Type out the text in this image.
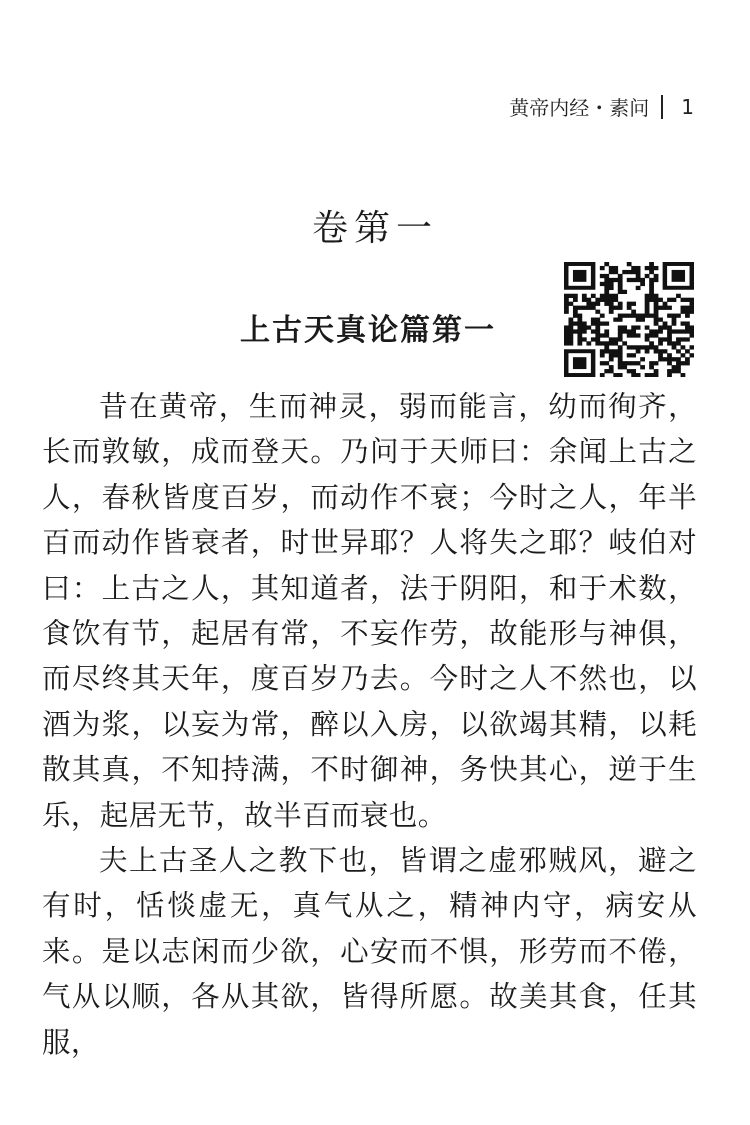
黄帝内经・素问 1
卷第一
上古天真论篇第一

昔在黄帝，生而神灵，弱而能言，幼而徇齐，长而敦敏，成而登天。乃问于天师曰：余闻上古之人，春秋皆度百岁，而动作不衰；今时之人，年半百而动作皆衰者，时世异耶？人将失之耶？岐伯对曰：上古之人，其知道者，法于阴阳，和于术数，食饮有节，起居有常，不妄作劳，故能形与神俱，而尽终其天年，度百岁乃去。今时之人不然也，以酒为浆，以妄为常，醉以入房，以欲竭其精，以耗散其真，不知持满，不时御神，务快其心，逆于生乐，起居无节，故半百而衰也。

夫上古圣人之教下也，皆谓之虚邪贼风，避之有时，恬惔虚无，真气从之，精神内守，病安从来。是以志闲而少欲，心安而不惧，形劳而不倦，气从以顺，各从其欲，皆得所愿。故美其食，任其服，
